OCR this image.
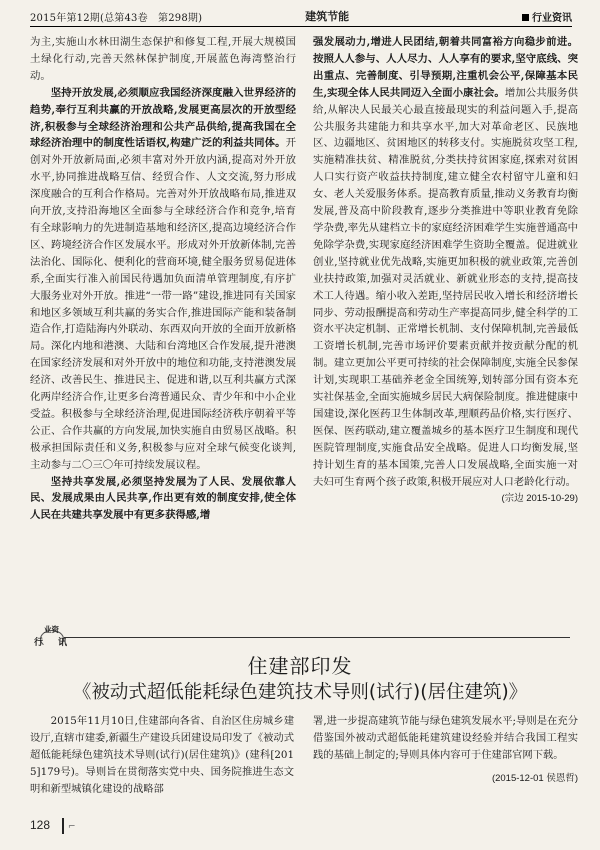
2015年第12期(总第43卷　第298期)	建筑节能	行业资讯

为主,实施山水林田湖生态保护和修复工程,开展大规模国土绿化行动,完善天然林保护制度,开展蓝色海湾整治行动。

坚持开放发展,必须顺应我国经济深度融入世界经济的趋势,奉行互利共赢的开放战略,发展更高层次的开放型经济,积极参与全球经济治理和公共产品供给,提高我国在全球经济治理中的制度性话语权,构建广泛的利益共同体。开创对外开放新局面,必须丰富对外开放内涵,提高对外开放水平,协同推进战略互信、经贸合作、人文交流,努力形成深度融合的互利合作格局。完善对外开放战略布局,推进双向开放,支持沿海地区全面参与全球经济合作和竞争,培育有全球影响力的先进制造基地和经济区,提高边境经济合作区、跨境经济合作区发展水平。形成对外开放新体制,完善法治化、国际化、便利化的营商环境,健全服务贸易促进体系,全面实行准入前国民待遇加负面清单管理制度,有序扩大服务业对外开放。推进“一带一路”建设,推进同有关国家和地区多领域互利共赢的务实合作,推进国际产能和装备制造合作,打造陆海内外联动、东西双向开放的全面开放新格局。深化内地和港澳、大陆和台湾地区合作发展,提升港澳在国家经济发展和对外开放中的地位和功能,支持港澳发展经济、改善民生、推进民主、促进和谐,以互利共赢方式深化两岸经济合作,让更多台湾普通民众、青少年和中小企业受益。积极参与全球经济治理,促进国际经济秩序朝着平等公正、合作共赢的方向发展,加快实施自由贸易区战略。积极承担国际责任和义务,积极参与应对全球气候变化谈判,主动参与二〇三〇年可持续发展议程。

坚持共享发展,必须坚持发展为了人民、发展依靠人民、发展成果由人民共享,作出更有效的制度安排,使全体人民在共建共享发展中有更多获得感,增

强发展动力,增进人民团结,朝着共同富裕方向稳步前进。按照人人参与、人人尽力、人人享有的要求,坚守底线、突出重点、完善制度、引导预期,注重机会公平,保障基本民生,实现全体人民共同迈入全面小康社会。增加公共服务供给,从解决人民最关心最直接最现实的利益问题入手,提高公共服务共建能力和共享水平,加大对革命老区、民族地区、边疆地区、贫困地区的转移支付。实施脱贫攻坚工程,实施精准扶贫、精准脱贫,分类扶持贫困家庭,探索对贫困人口实行资产收益扶持制度,建立健全农村留守儿童和妇女、老人关爱服务体系。提高教育质量,推动义务教育均衡发展,普及高中阶段教育,逐步分类推进中等职业教育免除学杂费,率先从建档立卡的家庭经济困难学生实施普通高中免除学杂费,实现家庭经济困难学生资助全覆盖。促进就业创业,坚持就业优先战略,实施更加积极的就业政策,完善创业扶持政策,加强对灵活就业、新就业形态的支持,提高技术工人待遇。缩小收入差距,坚持居民收入增长和经济增长同步、劳动报酬提高和劳动生产率提高同步,健全科学的工资水平决定机制、正常增长机制、支付保障机制,完善最低工资增长机制,完善市场评价要素贡献并按贡献分配的机制。建立更加公平更可持续的社会保障制度,实施全民参保计划,实现职工基础养老金全国统筹,划转部分国有资本充实社保基金,全面实施城乡居民大病保险制度。推进健康中国建设,深化医药卫生体制改革,理顺药品价格,实行医疗、医保、医药联动,建立覆盖城乡的基本医疗卫生制度和现代医院管理制度,实施食品安全战略。促进人口均衡发展,坚持计划生育的基本国策,完善人口发展战略,全面实施一对夫妇可生育两个孩子政策,积极开展应对人口老龄化行动。

(宗边 2015-10-29)
行
业资
讯
住建部印发
《被动式超低能耗绿色建筑技术导则(试行)(居住建筑)》

2015年11月10日,住建部向各省、自治区住房城乡建设厅,直辖市建委,新疆生产建设兵团建设局印发了《被动式超低能耗绿色建筑技术导则(试行)(居住建筑)》(建科[2015]179号)。导则旨在贯彻落实党中央、国务院推进生态文明和新型城镇化建设的战略部

署,进一步提高建筑节能与绿色建筑发展水平;导则是在充分借鉴国外被动式超低能耗建筑建设经验并结合我国工程实践的基础上制定的;导则具体内容可于住建部官网下载。

(2015-12-01 侯恩哲)
128 ⌐
